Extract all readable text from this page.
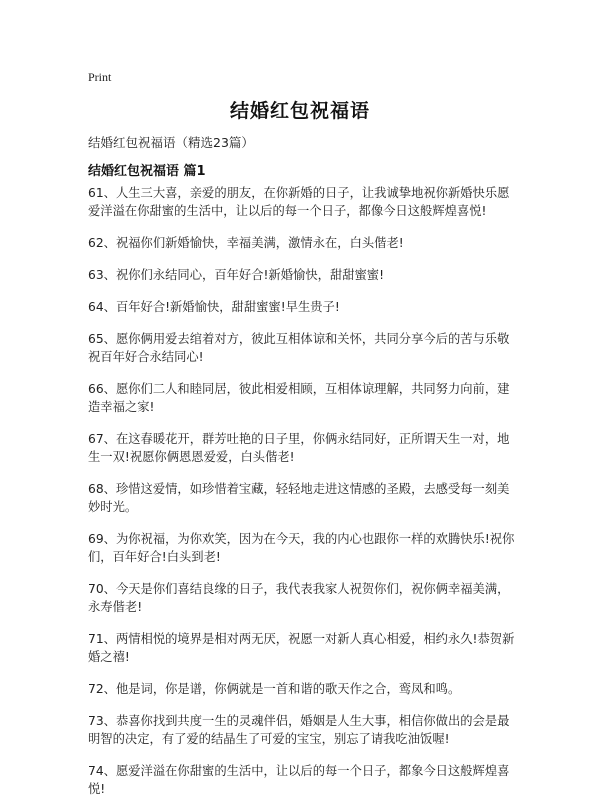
Print
结婚红包祝福语
结婚红包祝福语（精选23篇）
结婚红包祝福语 篇1

61、人生三大喜，亲爱的朋友，在你新婚的日子，让我诚挚地祝你新婚快乐愿爱洋溢在你甜蜜的生活中，让以后的每一个日子，都像今日这般辉煌喜悦!

62、祝福你们新婚愉快，幸福美满，激情永在，白头偕老!

63、祝你们永结同心，百年好合!新婚愉快，甜甜蜜蜜!

64、百年好合!新婚愉快，甜甜蜜蜜!早生贵子!

65、愿你俩用爱去绾着对方，彼此互相体谅和关怀，共同分享今后的苦与乐敬祝百年好合永结同心!

66、愿你们二人和睦同居，彼此相爱相顾，互相体谅理解，共同努力向前，建造幸福之家!

67、在这春暖花开，群芳吐艳的日子里，你俩永结同好，正所谓天生一对，地生一双!祝愿你俩恩恩爱爱，白头偕老!

68、珍惜这爱情，如珍惜着宝藏，轻轻地走进这情感的圣殿，去感受每一刻美妙时光。

69、为你祝福，为你欢笑，因为在今天，我的内心也跟你一样的欢腾快乐!祝你们，百年好合!白头到老!

70、今天是你们喜结良缘的日子，我代表我家人祝贺你们，祝你俩幸福美满，永寿偕老!

71、两情相悦的境界是相对两无厌，祝愿一对新人真心相爱，相约永久!恭贺新婚之禧!

72、他是词，你是谱，你俩就是一首和谐的歌天作之合，鸾凤和鸣。

73、恭喜你找到共度一生的灵魂伴侣，婚姻是人生大事，相信你做出的会是最明智的决定，有了爱的结晶生了可爱的宝宝，别忘了请我吃油饭喔!

74、愿爱洋溢在你甜蜜的生活中，让以后的每一个日子，都象今日这般辉煌喜悦!
